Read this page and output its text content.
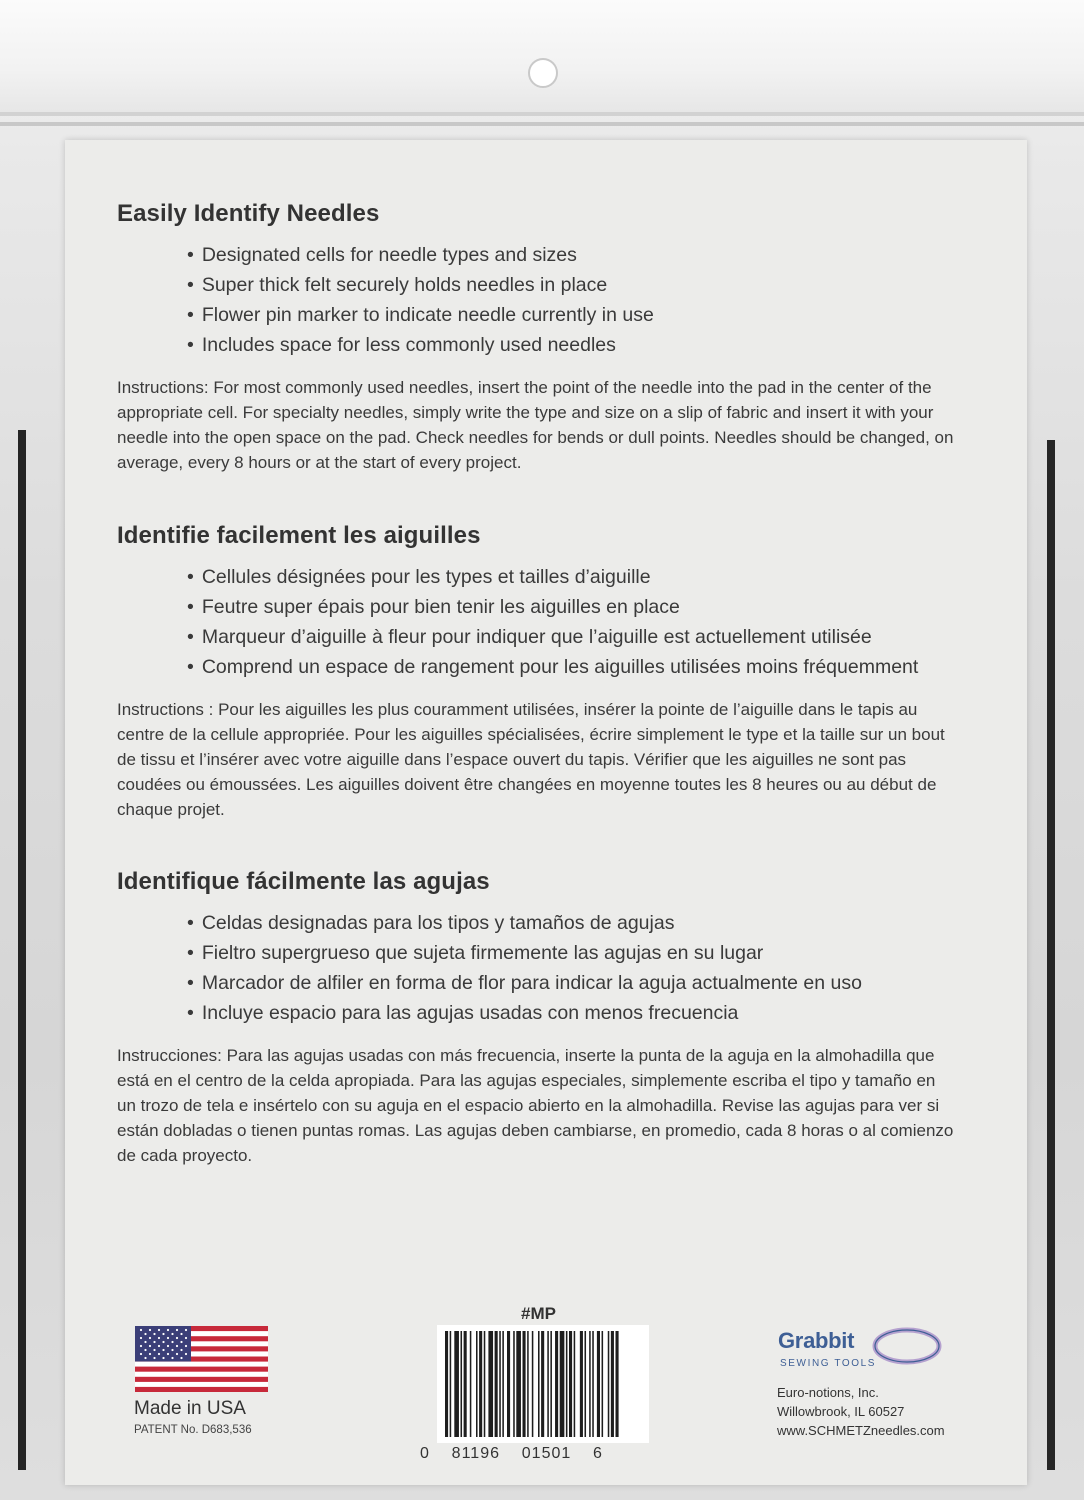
Easily Identify Needles
• Designated cells for needle types and sizes
• Super thick felt securely holds needles in place
• Flower pin marker to indicate needle currently in use
• Includes space for less commonly used needles

Instructions: For most commonly used needles, insert the point of the needle into the pad in the center of the appropriate cell. For specialty needles, simply write the type and size on a slip of fabric and insert it with your needle into the open space on the pad. Check needles for bends or dull points. Needles should be changed, on average, every 8 hours or at the start of every project.

Identifie facilement les aiguilles
• Cellules désignées pour les types et tailles d’aiguille
• Feutre super épais pour bien tenir les aiguilles en place
• Marqueur d’aiguille à fleur pour indiquer que l’aiguille est actuellement utilisée
• Comprend un espace de rangement pour les aiguilles utilisées moins fréquemment

Instructions : Pour les aiguilles les plus couramment utilisées, insérer la pointe de l’aiguille dans le tapis au centre de la cellule appropriée. Pour les aiguilles spécialisées, écrire simplement le type et la taille sur un bout de tissu et l’insérer avec votre aiguille dans l’espace ouvert du tapis. Vérifier que les aiguilles ne sont pas coudées ou émoussées. Les aiguilles doivent être changées en moyenne toutes les 8 heures ou au début de chaque projet.

Identifique fácilmente las agujas
• Celdas designadas para los tipos y tamaños de agujas
• Fieltro supergrueso que sujeta firmemente las agujas en su lugar
• Marcador de alfiler en forma de flor para indicar la aguja actualmente en uso
• Incluye espacio para las agujas usadas con menos frecuencia

Instrucciones: Para las agujas usadas con más frecuencia, inserte la punta de la aguja en la almohadilla que está en el centro de la celda apropiada. Para las agujas especiales, simplemente escriba el tipo y tamaño en un trozo de tela e insértelo con su aguja en el espacio abierto en la almohadilla. Revise las agujas para ver si están dobladas o tienen puntas romas. Las agujas deben cambiarse, en promedio, cada 8 horas o al comienzo de cada proyecto.

Made in USA
PATENT No. D683,536
#MP
0    81196    01501    6
Grabbit
SEWING TOOLS
Euro-notions, Inc.
Willowbrook, IL 60527
www.SCHMETZneedles.com
